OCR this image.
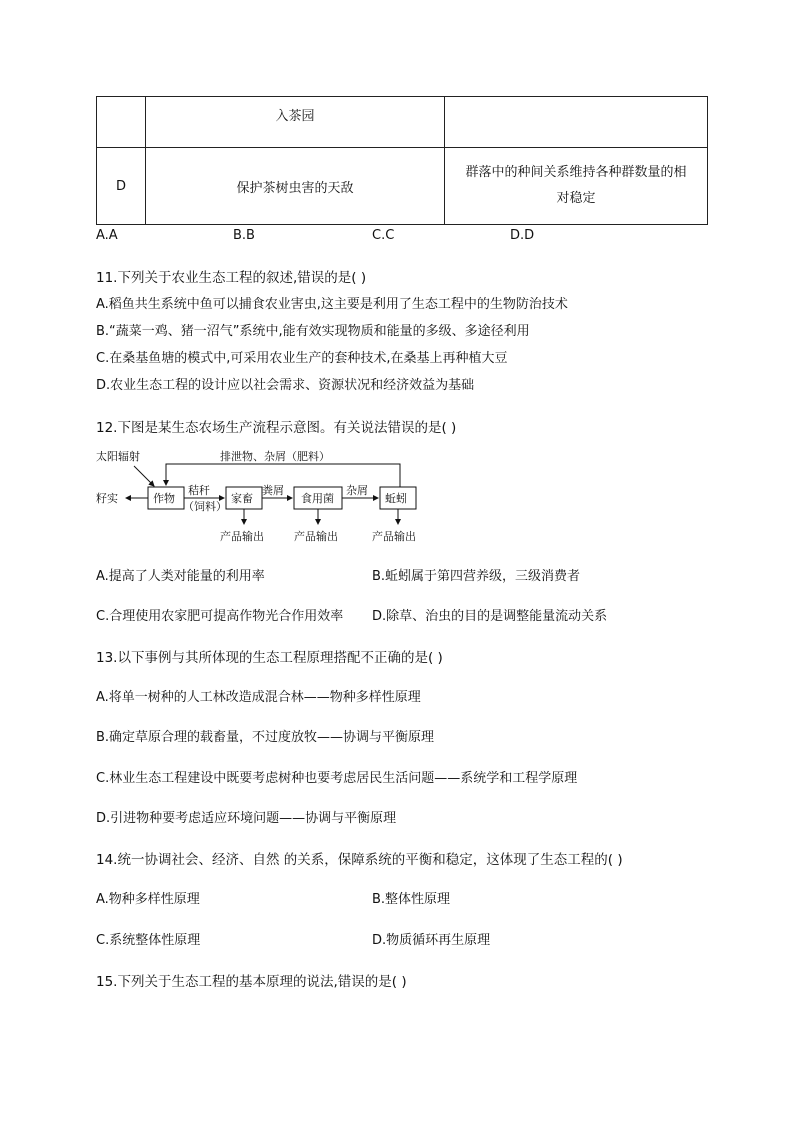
	入茶园	
D	保护茶树虫害的天敌	群落中的种间关系维持各种群数量的相
对稳定
A.A	B.B	C.C	D.D
11.下列关于农业生态工程的叙述,错误的是( )
A.稻鱼共生系统中鱼可以捕食农业害虫,这主要是利用了生态工程中的生物防治技术
B.“蔬菜一鸡、猪一沼气”系统中,能有效实现物质和能量的多级、多途径利用
C.在桑基鱼塘的模式中,可采用农业生产的套种技术,在桑基上再种植大豆
D.农业生态工程的设计应以社会需求、资源状况和经济效益为基础
12.下图是某生态农场生产流程示意图。有关说法错误的是( )
排泄物、杂屑（肥料）
太阳辐射
籽实	作物	家畜	食用菌	蚯蚓
秸秆
（饲料）
粪屑	杂屑
产品输出	产品输出	产品输出
A.提高了人类对能量的利用率	B.蚯蚓属于第四营养级，三级消费者
C.合理使用农家肥可提高作物光合作用效率 D.除草、治虫的目的是调整能量流动关系
13.以下事例与其所体现的生态工程原理搭配不正确的是( )
A.将单一树种的人工林改造成混合林——物种多样性原理
B.确定草原合理的载畜量，不过度放牧——协调与平衡原理
C.林业生态工程建设中既要考虑树种也要考虑居民生活问题——系统学和工程学原理
D.引进物种要考虑适应环境问题——协调与平衡原理
14.统一协调社会、经济、自然 的关系，保障系统的平衡和稳定，这体现了生态工程的( )
A.物种多样性原理	B.整体性原理
C.系统整体性原理	D.物质循环再生原理
15.下列关于生态工程的基本原理的说法,错误的是( )
